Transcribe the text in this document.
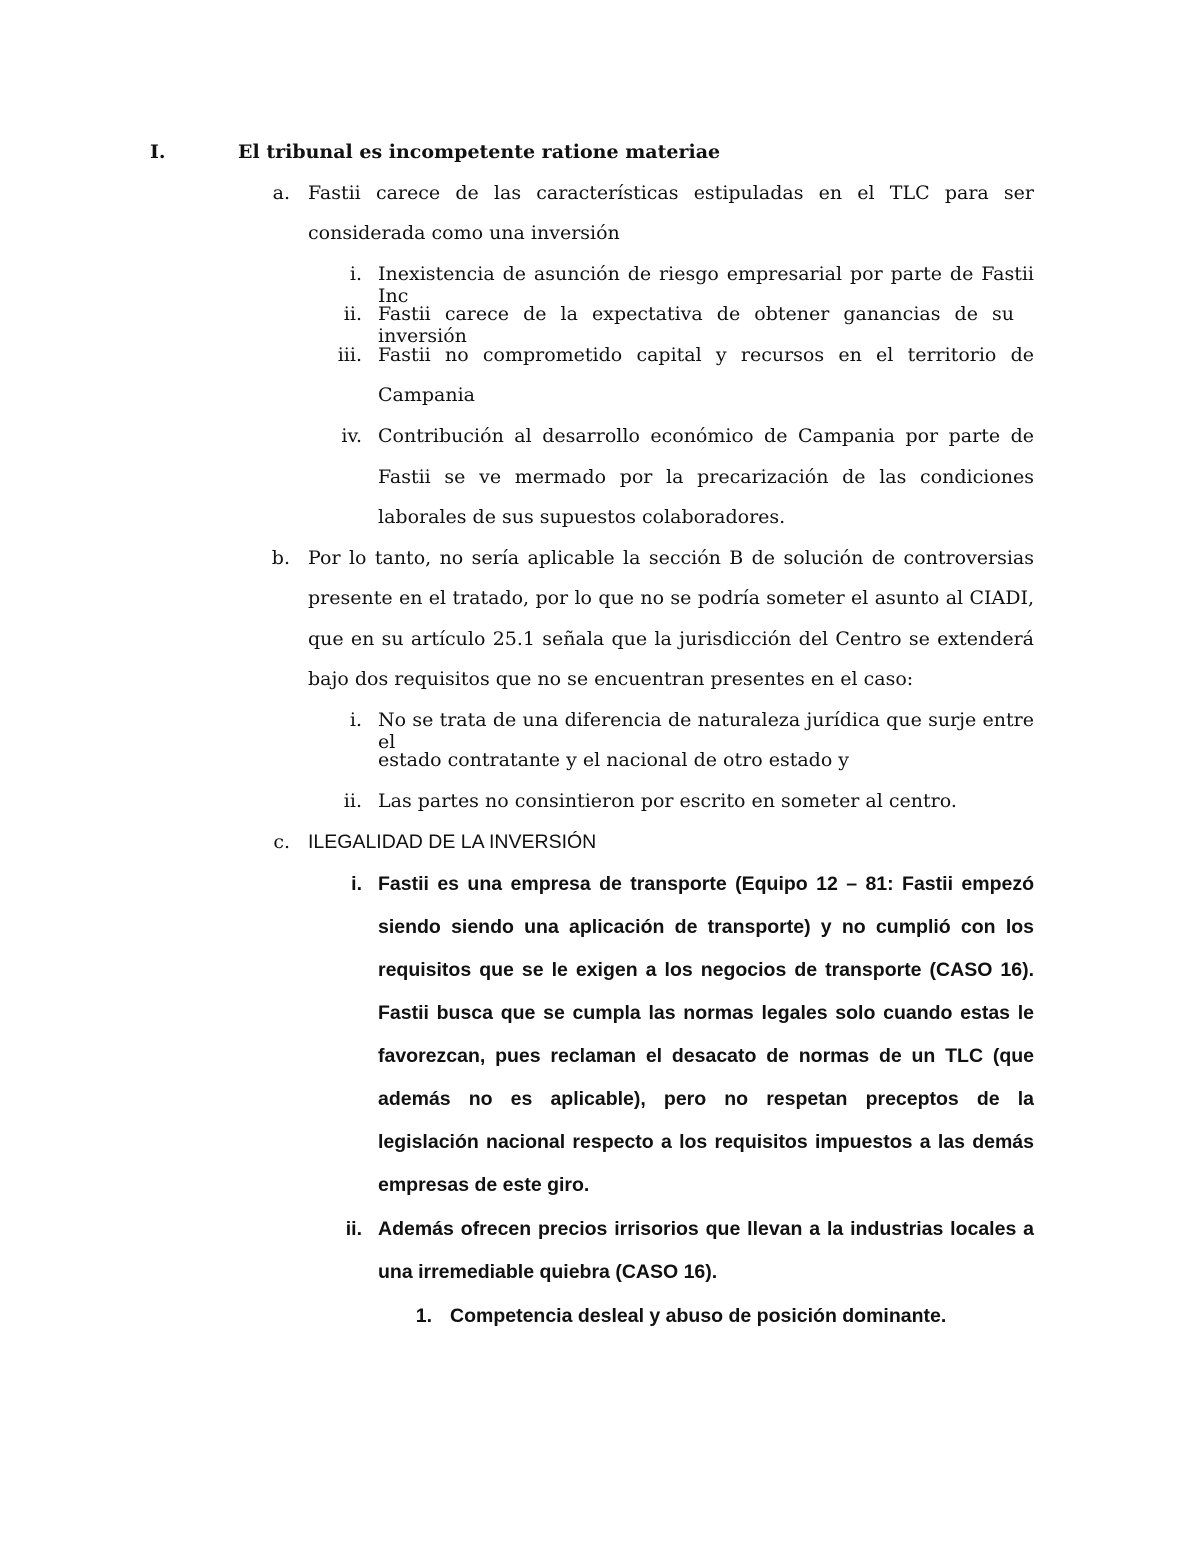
I.	El tribunal es incompetente ratione materiae
a. Fastii carece de las características estipuladas en el TLC para ser
considerada como una inversión
i. Inexistencia de asunción de riesgo empresarial por parte de Fastii Inc
ii. Fastii carece de la expectativa de obtener ganancias de su inversión
iii. Fastii no comprometido capital y recursos en el territorio de
Campania
iv. Contribución al desarrollo económico de Campania por parte de
Fastii se ve mermado por la precarización de las condiciones
laborales de sus supuestos colaboradores.
b. Por lo tanto, no sería aplicable la sección B de solución de controversias
presente en el tratado, por lo que no se podría someter el asunto al CIADI,
que en su artículo 25.1 señala que la jurisdicción del Centro se extenderá
bajo dos requisitos que no se encuentran presentes en el caso:
i. No se trata de una diferencia de naturaleza jurídica que surje entre el
estado contratante y el nacional de otro estado y
ii. Las partes no consintieron por escrito en someter al centro.
c. ILEGALIDAD DE LA INVERSIÓN
i. Fastii es una empresa de transporte (Equipo 12 – 81: Fastii empezó
siendo siendo una aplicación de transporte) y no cumplió con los
requisitos que se le exigen a los negocios de transporte (CASO 16).
Fastii busca que se cumpla las normas legales solo cuando estas le
favorezcan, pues reclaman el desacato de normas de un TLC (que
además no es aplicable), pero no respetan preceptos de la
legislación nacional respecto a los requisitos impuestos a las demás
empresas de este giro.
ii. Además ofrecen precios irrisorios que llevan a la industrias locales a
una irremediable quiebra (CASO 16).
1. Competencia desleal y abuso de posición dominante.
